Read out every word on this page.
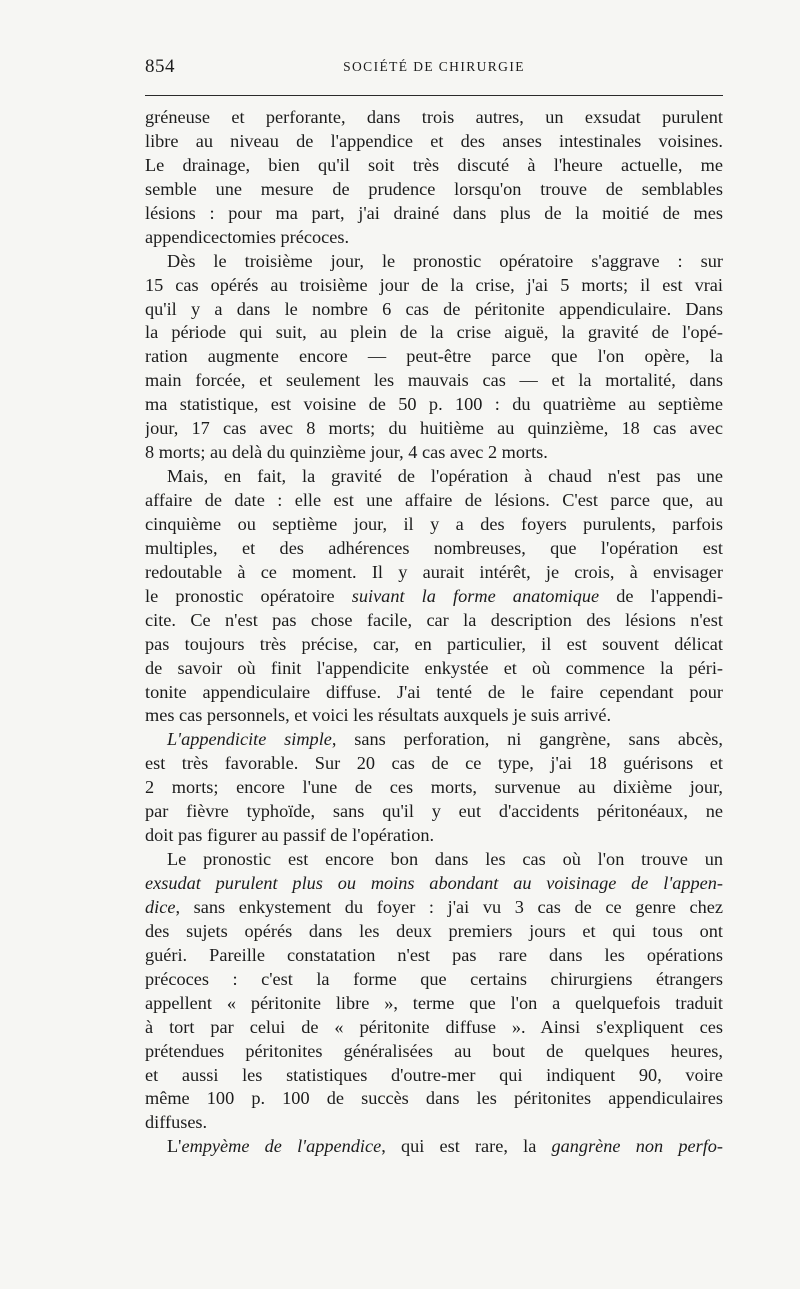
854	SOCIÉTÉ DE CHIRURGIE
gréneuse et perforante, dans trois autres, un exsudat purulent
libre au niveau de l'appendice et des anses intestinales voisines.
Le drainage, bien qu'il soit très discuté à l'heure actuelle, me
semble une mesure de prudence lorsqu'on trouve de semblables
lésions : pour ma part, j'ai drainé dans plus de la moitié de mes
appendicectomies précoces.
Dès le troisième jour, le pronostic opératoire s'aggrave : sur
15 cas opérés au troisième jour de la crise, j'ai 5 morts; il est vrai
qu'il y a dans le nombre 6 cas de péritonite appendiculaire. Dans
la période qui suit, au plein de la crise aiguë, la gravité de l'opé-
ration augmente encore — peut-être parce que l'on opère, la
main forcée, et seulement les mauvais cas — et la mortalité, dans
ma statistique, est voisine de 50 p. 100 : du quatrième au septième
jour, 17 cas avec 8 morts; du huitième au quinzième, 18 cas avec
8 morts; au delà du quinzième jour, 4 cas avec 2 morts.
Mais, en fait, la gravité de l'opération à chaud n'est pas une
affaire de date : elle est une affaire de lésions. C'est parce que, au
cinquième ou septième jour, il y a des foyers purulents, parfois
multiples, et des adhérences nombreuses, que l'opération est
redoutable à ce moment. Il y aurait intérêt, je crois, à envisager
le pronostic opératoire suivant la forme anatomique de l'appendi-
cite. Ce n'est pas chose facile, car la description des lésions n'est
pas toujours très précise, car, en particulier, il est souvent délicat
de savoir où finit l'appendicite enkystée et où commence la péri-
tonite appendiculaire diffuse. J'ai tenté de le faire cependant pour
mes cas personnels, et voici les résultats auxquels je suis arrivé.
L'appendicite simple, sans perforation, ni gangrène, sans abcès,
est très favorable. Sur 20 cas de ce type, j'ai 18 guérisons et
2 morts; encore l'une de ces morts, survenue au dixième jour,
par fièvre typhoïde, sans qu'il y eut d'accidents péritonéaux, ne
doit pas figurer au passif de l'opération.
Le pronostic est encore bon dans les cas où l'on trouve un
exsudat purulent plus ou moins abondant au voisinage de l'appen-
dice, sans enkystement du foyer : j'ai vu 3 cas de ce genre chez
des sujets opérés dans les deux premiers jours et qui tous ont
guéri. Pareille constatation n'est pas rare dans les opérations
précoces : c'est la forme que certains chirurgiens étrangers
appellent « péritonite libre », terme que l'on a quelquefois traduit
à tort par celui de « péritonite diffuse ». Ainsi s'expliquent ces
prétendues péritonites généralisées au bout de quelques heures,
et aussi les statistiques d'outre-mer qui indiquent 90, voire
même 100 p. 100 de succès dans les péritonites appendiculaires
diffuses.
L'empyème de l'appendice, qui est rare, la gangrène non perfo-
